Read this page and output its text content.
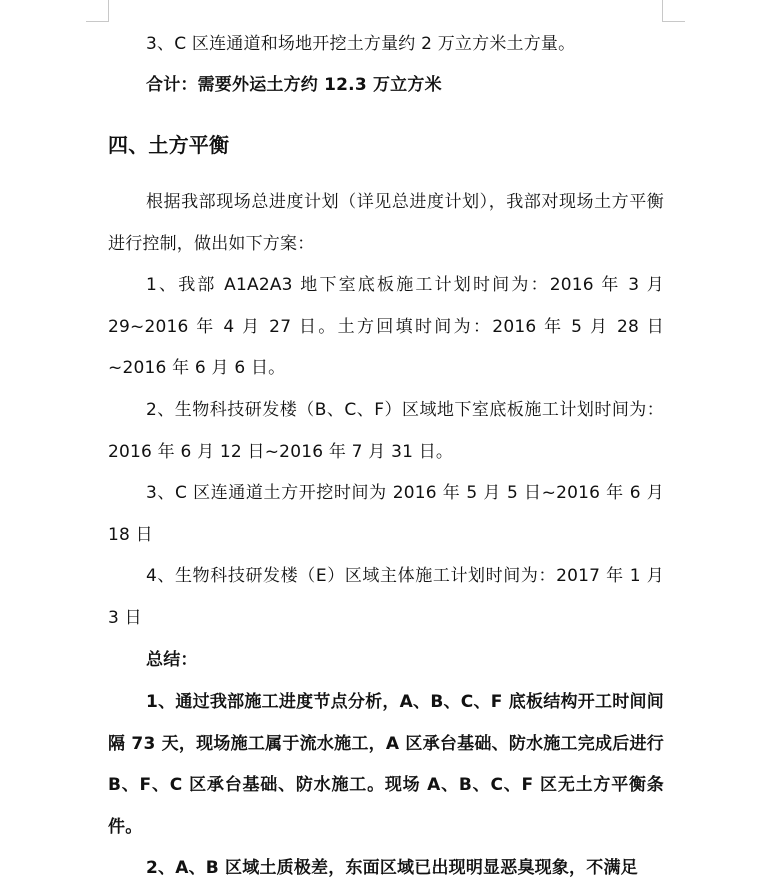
3、C 区连通道和场地开挖土方量约 2 万立方米土方量。

合计：需要外运土方约 12.3 万立方米

四、土方平衡

根据我部现场总进度计划（详见总进度计划），我部对现场土方平衡进行控制，做出如下方案：

1、我部 A1A2A3 地下室底板施工计划时间为：2016 年 3 月 29~2016 年 4 月 27 日。土方回填时间为：2016 年 5 月 28 日~2016 年 6 月 6 日。

2、生物科技研发楼（B、C、F）区域地下室底板施工计划时间为：2016 年 6 月 12 日~2016 年 7 月 31 日。

3、C 区连通道土方开挖时间为 2016 年 5 月 5 日~2016 年 6 月 18 日

4、生物科技研发楼（E）区域主体施工计划时间为：2017 年 1 月 3 日

总结：

1、通过我部施工进度节点分析，A、B、C、F 底板结构开工时间间隔 73 天，现场施工属于流水施工，A 区承台基础、防水施工完成后进行 B、F、C 区承台基础、防水施工。现场 A、B、C、F 区无土方平衡条件。

2、A、B 区域土质极差，东面区域已出现明显恶臭现象，不满足
